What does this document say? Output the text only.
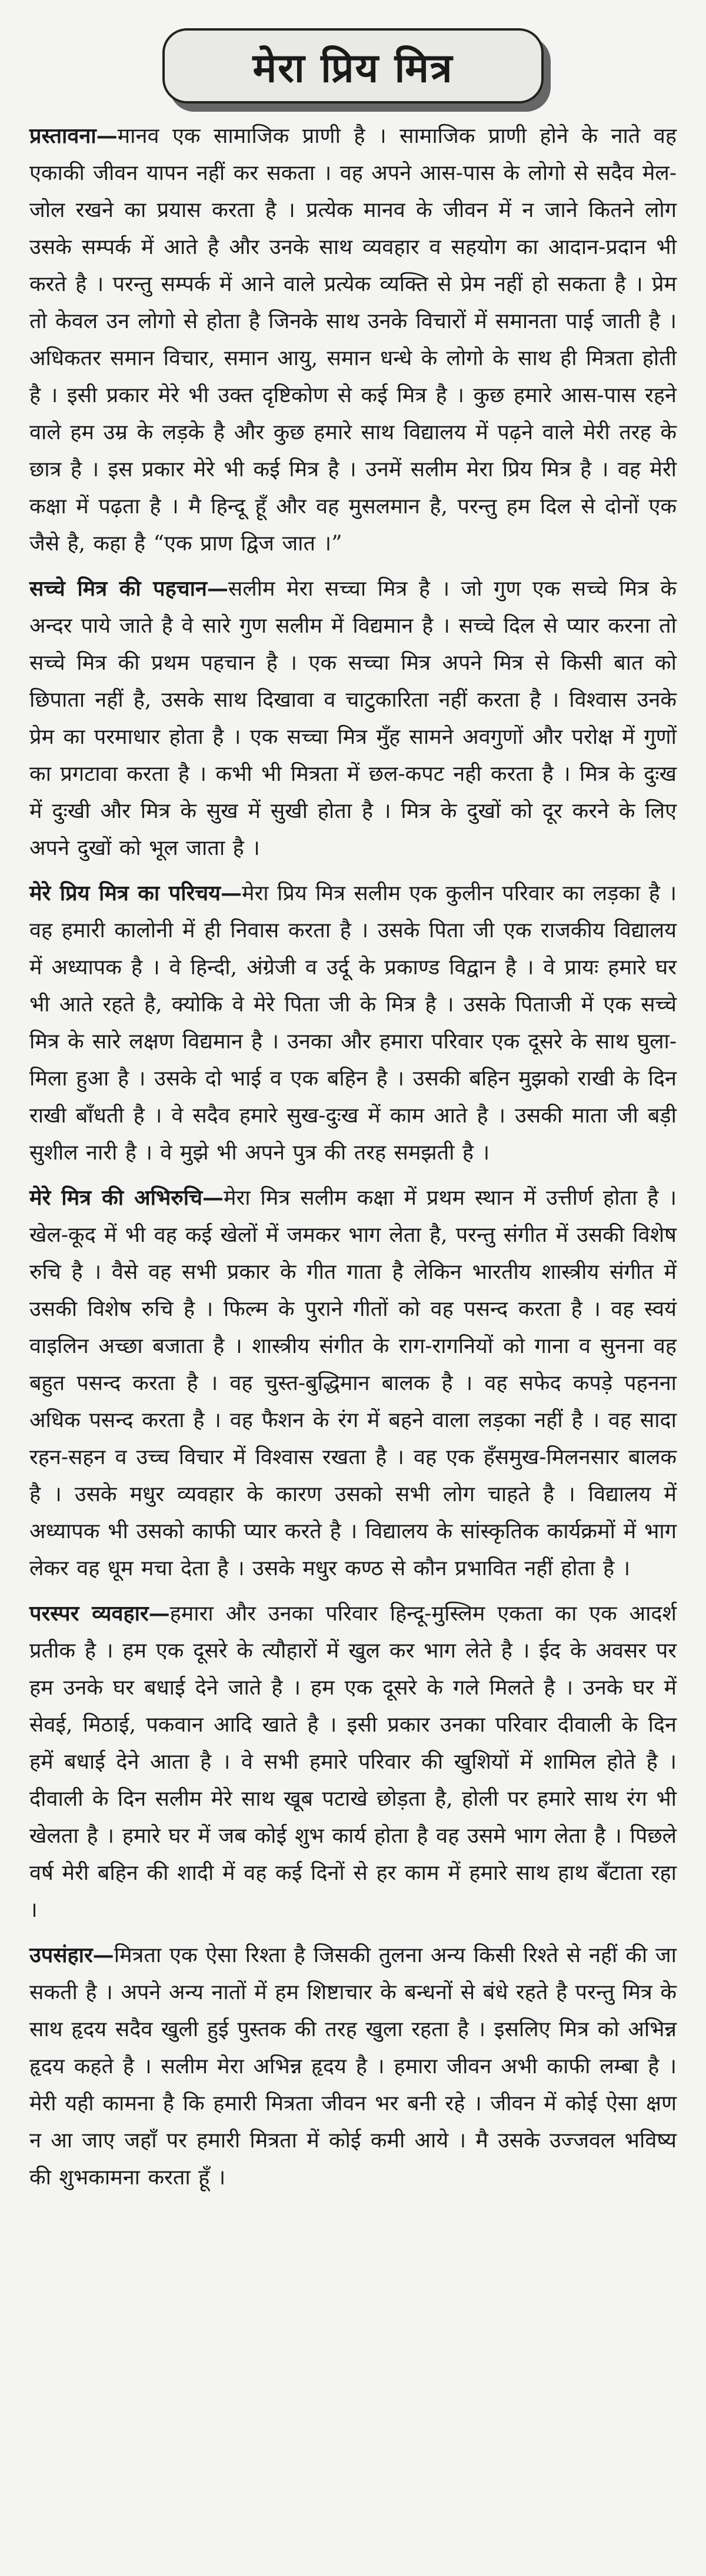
मेरा प्रिय मित्र

प्रस्तावना—मानव एक सामाजिक प्राणी है । सामाजिक प्राणी होने के नाते वह एकाकी जीवन यापन नहीं कर सकता । वह अपने आस-पास के लोगो से सदैव मेल-जोल रखने का प्रयास करता है । प्रत्येक मानव के जीवन में न जाने कितने लोग उसके सम्पर्क में आते है और उनके साथ व्यवहार व सहयोग का आदान-प्रदान भी करते है । परन्तु सम्पर्क में आने वाले प्रत्येक व्यक्ति से प्रेम नहीं हो सकता है । प्रेम तो केवल उन लोगो से होता है जिनके साथ उनके विचारों में समानता पाई जाती है । अधिकतर समान विचार, समान आयु, समान धन्धे के लोगो के साथ ही मित्रता होती है । इसी प्रकार मेरे भी उक्त दृष्टिकोण से कई मित्र है । कुछ हमारे आस-पास रहने वाले हम उम्र के लड़के है और कुछ हमारे साथ विद्यालय में पढ़ने वाले मेरी तरह के छात्र है । इस प्रकार मेरे भी कई मित्र है । उनमें सलीम मेरा प्रिय मित्र है । वह मेरी कक्षा में पढ़ता है । मै हिन्दू हूँ और वह मुसलमान है, परन्तु हम दिल से दोनों एक जैसे है, कहा है “एक प्राण द्विज जात ।”

सच्चे मित्र की पहचान—सलीम मेरा सच्चा मित्र है । जो गुण एक सच्चे मित्र के अन्दर पाये जाते है वे सारे गुण सलीम में विद्यमान है । सच्चे दिल से प्यार करना तो सच्चे मित्र की प्रथम पहचान है । एक सच्चा मित्र अपने मित्र से किसी बात को छिपाता नहीं है, उसके साथ दिखावा व चाटुकारिता नहीं करता है । विश्वास उनके प्रेम का परमाधार होता है । एक सच्चा मित्र मुँह सामने अवगुणों और परोक्ष में गुणों का प्रगटावा करता है । कभी भी मित्रता में छल-कपट नही करता है । मित्र के दुःख में दुःखी और मित्र के सुख में सुखी होता है । मित्र के दुखों को दूर करने के लिए अपने दुखों को भूल जाता है ।

मेरे प्रिय मित्र का परिचय—मेरा प्रिय मित्र सलीम एक कुलीन परिवार का लड़का है । वह हमारी कालोनी में ही निवास करता है । उसके पिता जी एक राजकीय विद्यालय में अध्यापक है । वे हिन्दी, अंग्रेजी व उर्दू के प्रकाण्ड विद्वान है । वे प्रायः हमारे घर भी आते रहते है, क्योकि वे मेरे पिता जी के मित्र है । उसके पिताजी में एक सच्चे मित्र के सारे लक्षण विद्यमान है । उनका और हमारा परिवार एक दूसरे के साथ घुला-मिला हुआ है । उसके दो भाई व एक बहिन है । उसकी बहिन मुझको राखी के दिन राखी बाँधती है । वे सदैव हमारे सुख-दुःख में काम आते है । उसकी माता जी बड़ी सुशील नारी है । वे मुझे भी अपने पुत्र की तरह समझती है ।

मेरे मित्र की अभिरुचि—मेरा मित्र सलीम कक्षा में प्रथम स्थान में उत्तीर्ण होता है । खेल-कूद में भी वह कई खेलों में जमकर भाग लेता है, परन्तु संगीत में उसकी विशेष रुचि है । वैसे वह सभी प्रकार के गीत गाता है लेकिन भारतीय शास्त्रीय संगीत में उसकी विशेष रुचि है । फिल्म के पुराने गीतों को वह पसन्द करता है । वह स्वयं वाइलिन अच्छा बजाता है । शास्त्रीय संगीत के राग-रागनियों को गाना व सुनना वह बहुत पसन्द करता है । वह चुस्त-बुद्धिमान बालक है । वह सफेद कपड़े पहनना अधिक पसन्द करता है । वह फैशन के रंग में बहने वाला लड़का नहीं है । वह सादा रहन-सहन व उच्च विचार में विश्वास रखता है । वह एक हँसमुख-मिलनसार बालक है । उसके मधुर व्यवहार के कारण उसको सभी लोग चाहते है । विद्यालय में अध्यापक भी उसको काफी प्यार करते है । विद्यालय के सांस्कृतिक कार्यक्रमों में भाग लेकर वह धूम मचा देता है । उसके मधुर कण्ठ से कौन प्रभावित नहीं होता है ।

परस्पर व्यवहार—हमारा और उनका परिवार हिन्दू-मुस्लिम एकता का एक आदर्श प्रतीक है । हम एक दूसरे के त्यौहारों में खुल कर भाग लेते है । ईद के अवसर पर हम उनके घर बधाई देने जाते है । हम एक दूसरे के गले मिलते है । उनके घर में सेवई, मिठाई, पकवान आदि खाते है । इसी प्रकार उनका परिवार दीवाली के दिन हमें बधाई देने आता है । वे सभी हमारे परिवार की खुशियों में शामिल होते है । दीवाली के दिन सलीम मेरे साथ खूब पटाखे छोड़ता है, होली पर हमारे साथ रंग भी खेलता है । हमारे घर में जब कोई शुभ कार्य होता है वह उसमे भाग लेता है । पिछले वर्ष मेरी बहिन की शादी में वह कई दिनों से हर काम में हमारे साथ हाथ बँटाता रहा ।

उपसंहार—मित्रता एक ऐसा रिश्ता है जिसकी तुलना अन्य किसी रिश्ते से नहीं की जा सकती है । अपने अन्य नातों में हम शिष्टाचार के बन्धनों से बंधे रहते है परन्तु मित्र के साथ हृदय सदैव खुली हुई पुस्तक की तरह खुला रहता है । इसलिए मित्र को अभिन्न हृदय कहते है । सलीम मेरा अभिन्न हृदय है । हमारा जीवन अभी काफी लम्बा है । मेरी यही कामना है कि हमारी मित्रता जीवन भर बनी रहे । जीवन में कोई ऐसा क्षण न आ जाए जहाँ पर हमारी मित्रता में कोई कमी आये । मै उसके उज्जवल भविष्य की शुभकामना करता हूँ ।
